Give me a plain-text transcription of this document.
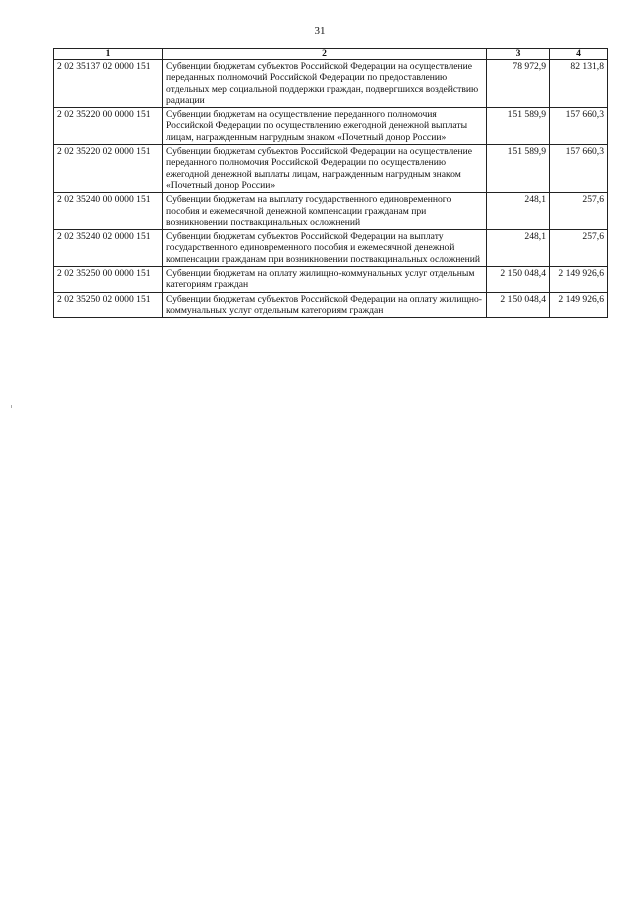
31
1	2	3	4
2 02 35137 02 0000 151	Субвенции бюджетам субъектов Российской Федерации на осуществление переданных полномочий Российской Федерации по предоставлению отдельных мер социальной поддержки граждан, подвергшихся воздействию радиации	78 972,9	82 131,8
2 02 35220 00 0000 151	Субвенции бюджетам на осуществление переданного полномочия Российской Федерации по осуществлению ежегодной денежной выплаты лицам, награжденным нагрудным знаком «Почетный донор России»	151 589,9	157 660,3
2 02 35220 02 0000 151	Субвенции бюджетам субъектов Российской Федерации на осуществление переданного полномочия Российской Федерации по осуществлению ежегодной денежной выплаты лицам, награжденным нагрудным знаком «Почетный донор России»	151 589,9	157 660,3
2 02 35240 00 0000 151	Субвенции бюджетам на выплату государственного единовременного пособия и ежемесячной денежной компенсации гражданам при возникновении поствакцинальных осложнений	248,1	257,6
2 02 35240 02 0000 151	Субвенции бюджетам субъектов Российской Федерации на выплату государственного единовременного пособия и ежемесячной денежной компенсации гражданам при возникновении поствакцинальных осложнений	248,1	257,6
2 02 35250 00 0000 151	Субвенции бюджетам на оплату жилищно-коммунальных услуг отдельным категориям граждан	2 150 048,4	2 149 926,6
2 02 35250 02 0000 151	Субвенции бюджетам субъектов Российской Федерации на оплату жилищно-коммунальных услуг отдельным категориям граждан	2 150 048,4	2 149 926,6
